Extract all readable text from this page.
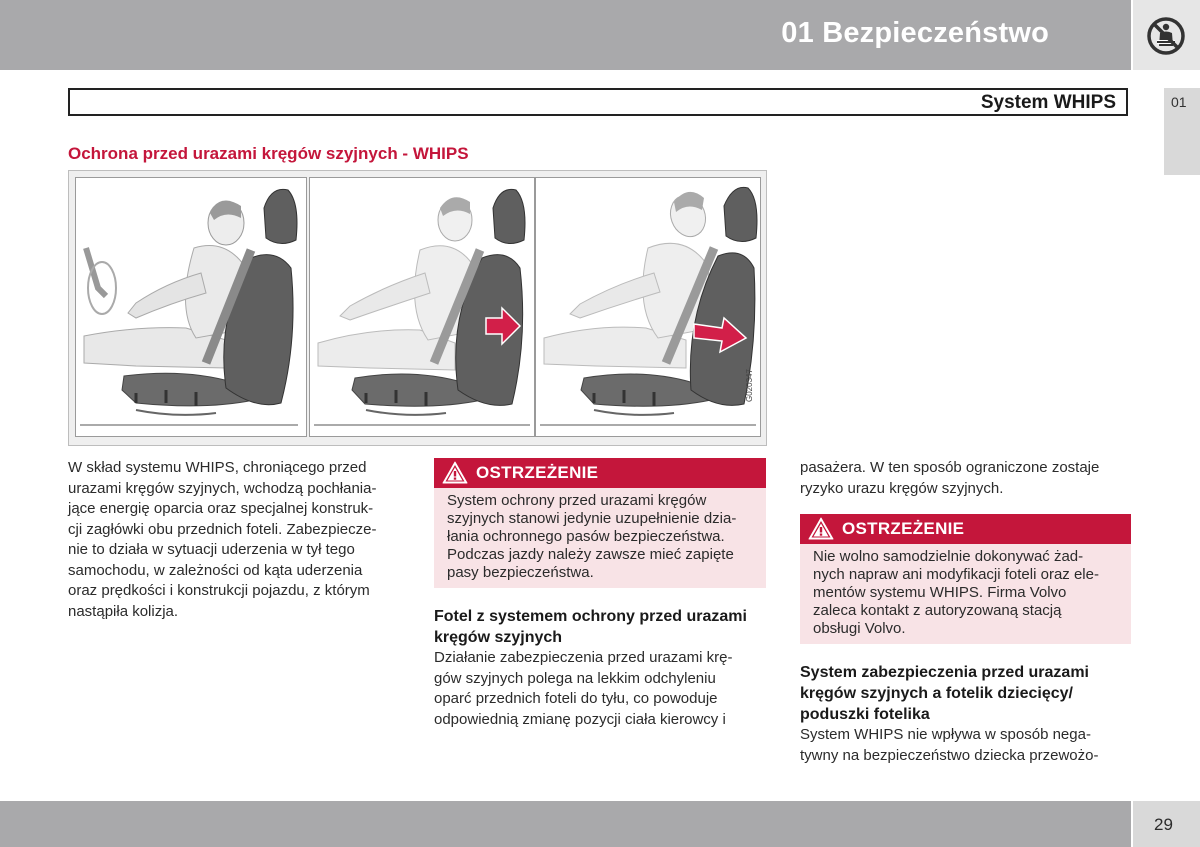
01 Bezpieczeństwo
System WHIPS	01
Ochrona przed urazami kręgów szyjnych - WHIPS
G020347
W skład systemu WHIPS, chroniącego przed
urazami kręgów szyjnych, wchodzą pochłania-
jące energię oparcia oraz specjalnej konstruk-
cji zagłówki obu przednich foteli. Zabezpiecze-
nie to działa w sytuacji uderzenia w tył tego
samochodu, w zależności od kąta uderzenia
oraz prędkości i konstrukcji pojazdu, z którym
nastąpiła kolizja.
OSTRZEŻENIE
System ochrony przed urazami kręgów
szyjnych stanowi jedynie uzupełnienie dzia-
łania ochronnego pasów bezpieczeństwa.
Podczas jazdy należy zawsze mieć zapięte
pasy bezpieczeństwa.
Fotel z systemem ochrony przed urazami
kręgów szyjnych
Działanie zabezpieczenia przed urazami krę-
gów szyjnych polega na lekkim odchyleniu
oparć przednich foteli do tyłu, co powoduje
odpowiednią zmianę pozycji ciała kierowcy i
pasażera. W ten sposób ograniczone zostaje
ryzyko urazu kręgów szyjnych.
OSTRZEŻENIE
Nie wolno samodzielnie dokonywać żad-
nych napraw ani modyfikacji foteli oraz ele-
mentów systemu WHIPS. Firma Volvo
zaleca kontakt z autoryzowaną stacją
obsługi Volvo.
System zabezpieczenia przed urazami
kręgów szyjnych a fotelik dziecięcy/
poduszki fotelika
System WHIPS nie wpływa w sposób nega-
tywny na bezpieczeństwo dziecka przewożo-
29
